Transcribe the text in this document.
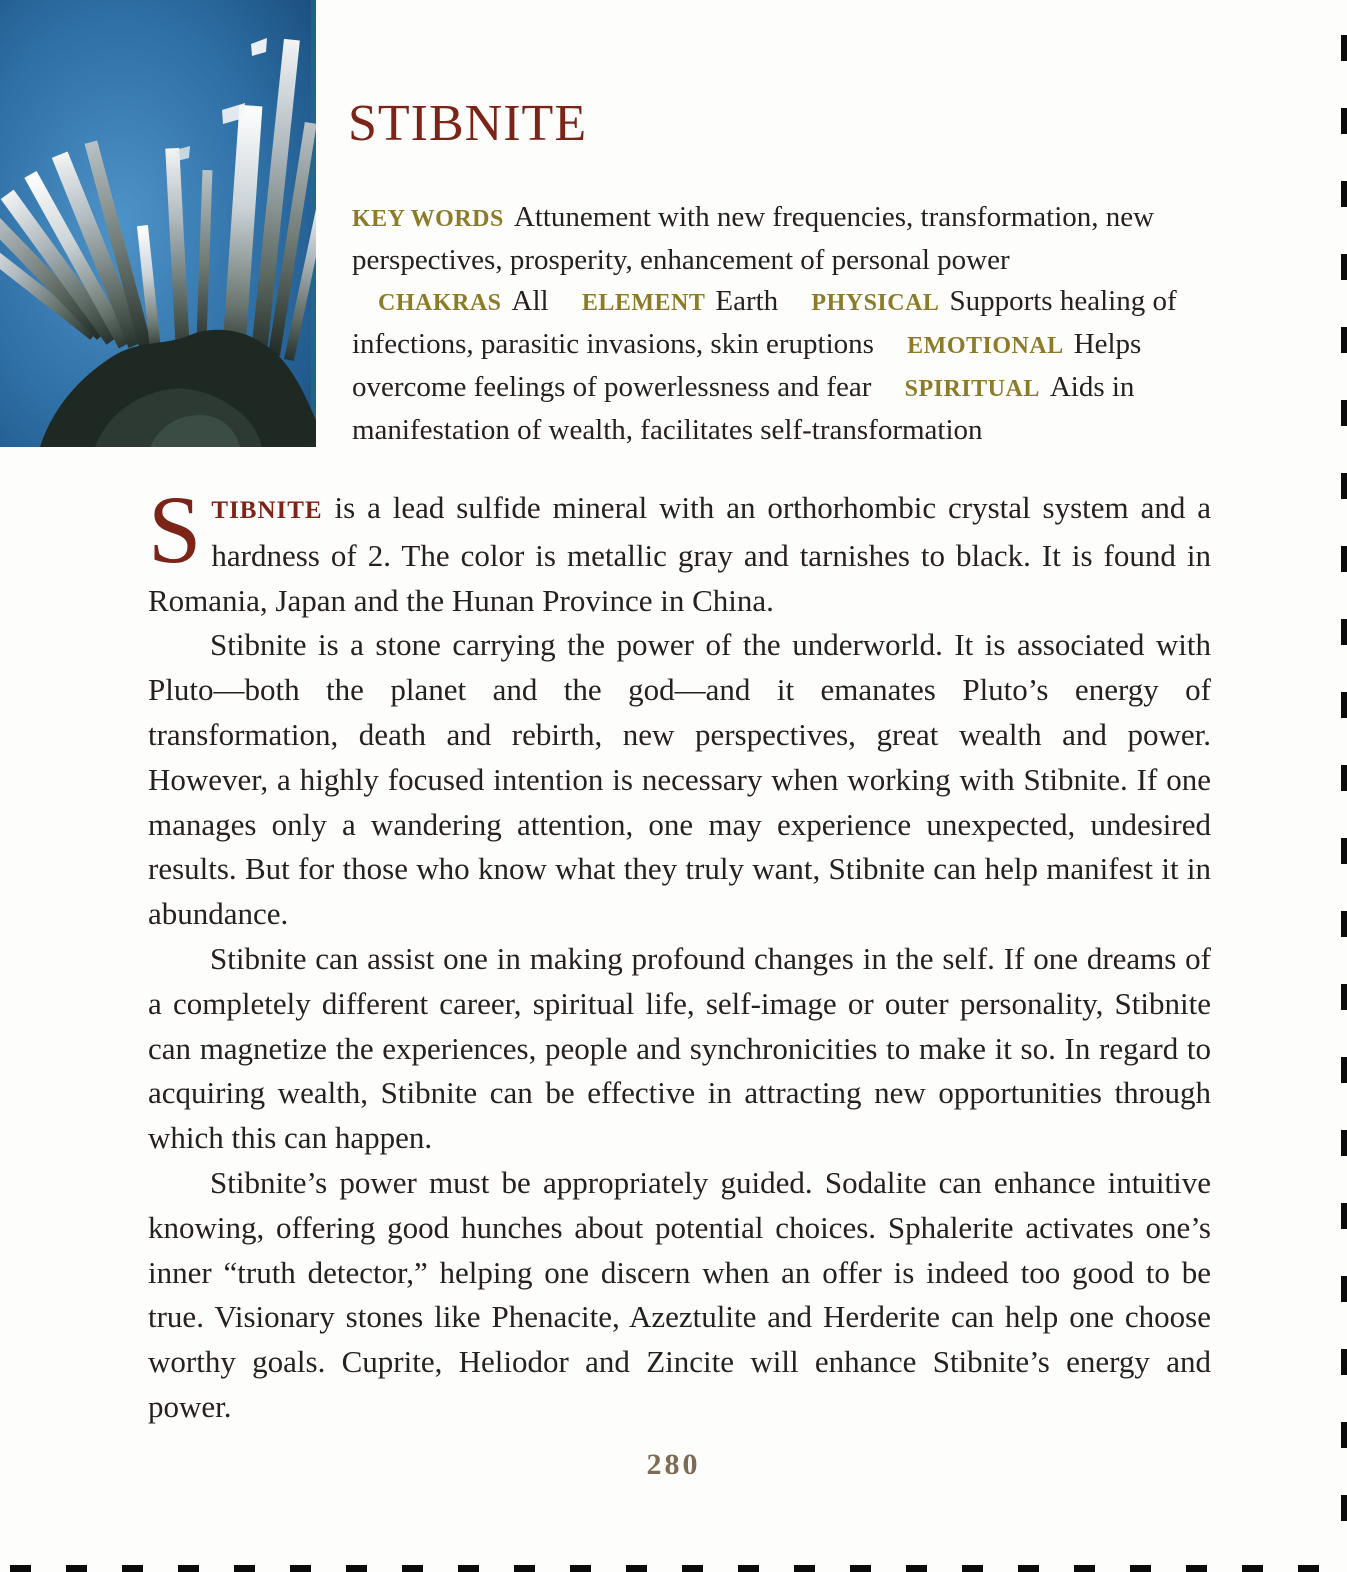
STIBNITE
KEY WORDS Attunement with new frequencies, transformation, new perspectives, prosperity, enhancement of personal power CHAKRAS All ELEMENT Earth PHYSICAL Supports healing of infections, parasitic invasions, skin eruptions EMOTIONAL Helps overcome feelings of powerlessness and fear SPIRITUAL Aids in manifestation of wealth, facilitates self-transformation

STIBNITE is a lead sulfide mineral with an orthorhombic crystal system and a hardness of 2. The color is metallic gray and tarnishes to black. It is found in Romania, Japan and the Hunan Province in China.

Stibnite is a stone carrying the power of the underworld. It is associated with Pluto—both the planet and the god—and it emanates Pluto’s energy of transformation, death and rebirth, new perspectives, great wealth and power. However, a highly focused intention is necessary when working with Stibnite. If one manages only a wandering attention, one may experience unexpected, undesired results. But for those who know what they truly want, Stibnite can help manifest it in abundance.

Stibnite can assist one in making profound changes in the self. If one dreams of a completely different career, spiritual life, self-image or outer personality, Stibnite can magnetize the experiences, people and synchronicities to make it so. In regard to acquiring wealth, Stibnite can be effective in attracting new opportunities through which this can happen.

Stibnite’s power must be appropriately guided. Sodalite can enhance intuitive knowing, offering good hunches about potential choices. Sphalerite activates one’s inner “truth detector,” helping one discern when an offer is indeed too good to be true. Visionary stones like Phenacite, Azeztulite and Herderite can help one choose worthy goals. Cuprite, Heliodor and Zincite will enhance Stibnite’s energy and power.

280
